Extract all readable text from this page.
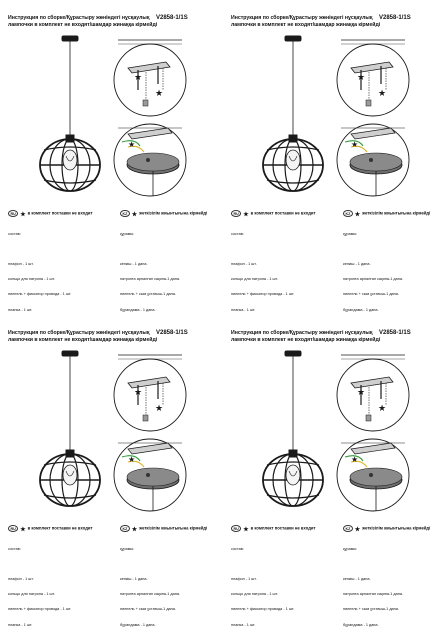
Инструкция по сборке/Құрастыру жөніндегі нұсқаулық	V2858-1/1S
лампочки в комплект не входят/шамдар жинаққа кірмейді
★
★
★
RU ★ в комплект поставки не входит	KZ ★ жеткізілім жиынтығына кірмейді

состав:

плафон - 1 шт.

кольцо для патрона - 1 шт.

ниппель + фиксатор провода - 1 шт.

планка - 1 шт.

құрамы:

кепкіш - 1 дана.

патронға арналған сақина-1 дана.

ниппель + сым ұстағыш-1 дана.

бұрандама - 1 дана.

Инструкция по сборке/Құрастыру жөніндегі нұсқаулық	V2858-1/1S
лампочки в комплект не входят/шамдар жинаққа кірмейді
★
★
★
RU ★ в комплект поставки не входит	KZ ★ жеткізілім жиынтығына кірмейді

состав:

плафон - 1 шт.

кольцо для патрона - 1 шт.

ниппель + фиксатор провода - 1 шт.

планка - 1 шт.

құрамы:

кепкіш - 1 дана.

патронға арналған сақина-1 дана.

ниппель + сым ұстағыш-1 дана.

бұрандама - 1 дана.

Инструкция по сборке/Құрастыру жөніндегі нұсқаулық	V2858-1/1S
лампочки в комплект не входят/шамдар жинаққа кірмейді
★
★
★
RU ★ в комплект поставки не входит	KZ ★ жеткізілім жиынтығына кірмейді

состав:

плафон - 1 шт.

кольцо для патрона - 1 шт.

ниппель + фиксатор провода - 1 шт.

планка - 1 шт.

құрамы:

кепкіш - 1 дана.

патронға арналған сақина-1 дана.

ниппель + сым ұстағыш-1 дана.

бұрандама - 1 дана.

Инструкция по сборке/Құрастыру жөніндегі нұсқаулық	V2858-1/1S
лампочки в комплект не входят/шамдар жинаққа кірмейді
★
★
★
RU ★ в комплект поставки не входит	KZ ★ жеткізілім жиынтығына кірмейді

состав:

плафон - 1 шт.

кольцо для патрона - 1 шт.

ниппель + фиксатор провода - 1 шт.

планка - 1 шт.

құрамы:

кепкіш - 1 дана.

патронға арналған сақина-1 дана.

ниппель + сым ұстағыш-1 дана.

бұрандама - 1 дана.
